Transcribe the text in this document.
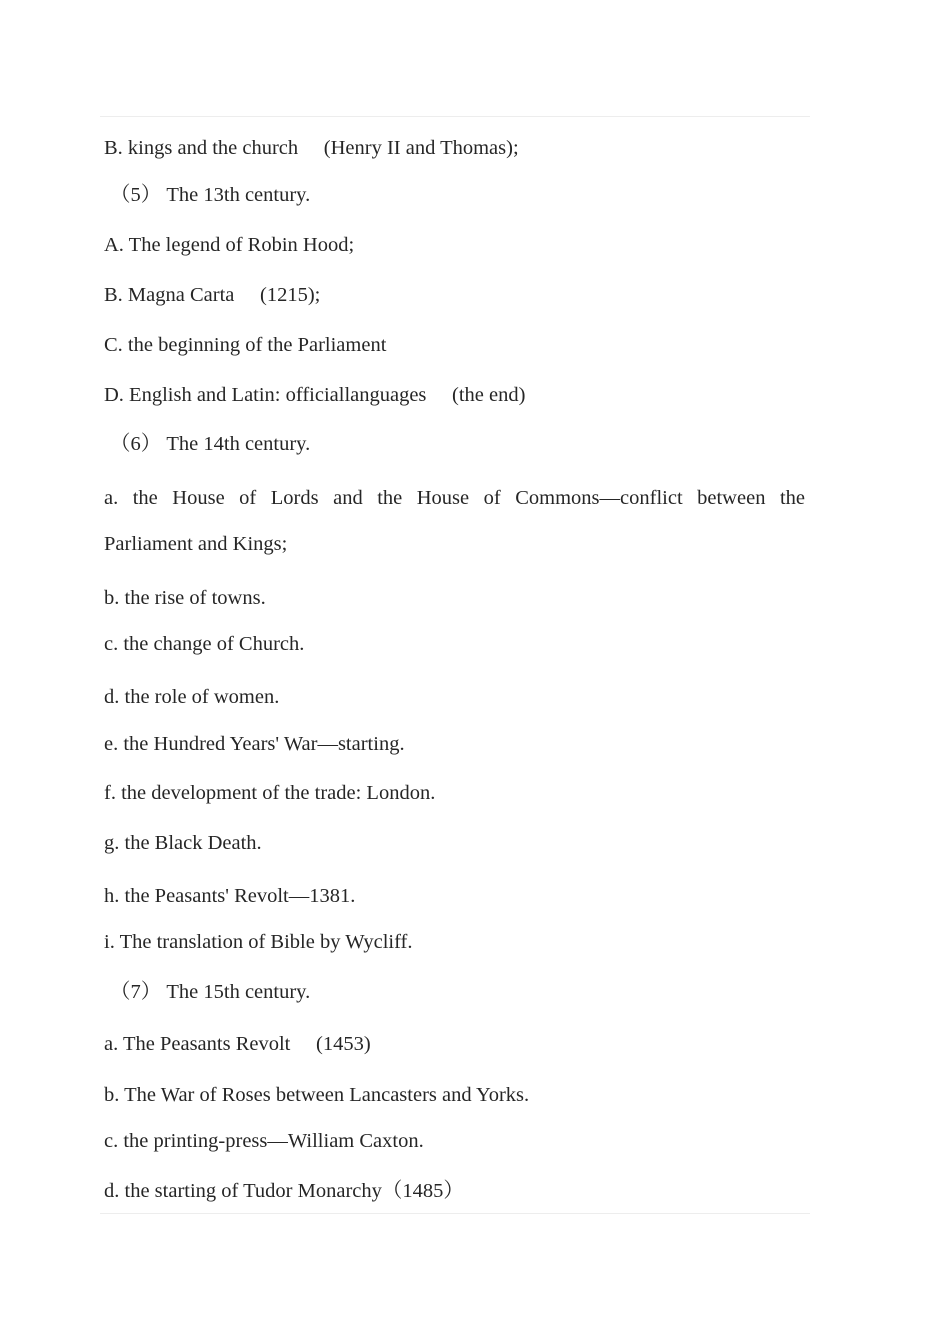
B. kings and the church 　(Henry II and Thomas);

（5） The 13th century.

A. The legend of Robin Hood;

B. Magna Carta 　(1215);

C. the beginning of the Parliament

D. English and Latin: officiallanguages 　(the end)

（6） The 14th century.

a. the House of Lords and the House of Commons—conflict between the

Parliament and Kings;

b. the rise of towns.

c. the change of Church.

d. the role of women.

e. the Hundred Years' War—starting.

f. the development of the trade: London.

g. the Black Death.

h. the Peasants' Revolt—1381.

i. The translation of Bible by Wycliff.

（7） The 15th century.

a. The Peasants Revolt 　(1453)

b. The War of Roses between Lancasters and Yorks.

c. the printing-press—William Caxton.

d. the starting of Tudor Monarchy（1485）
